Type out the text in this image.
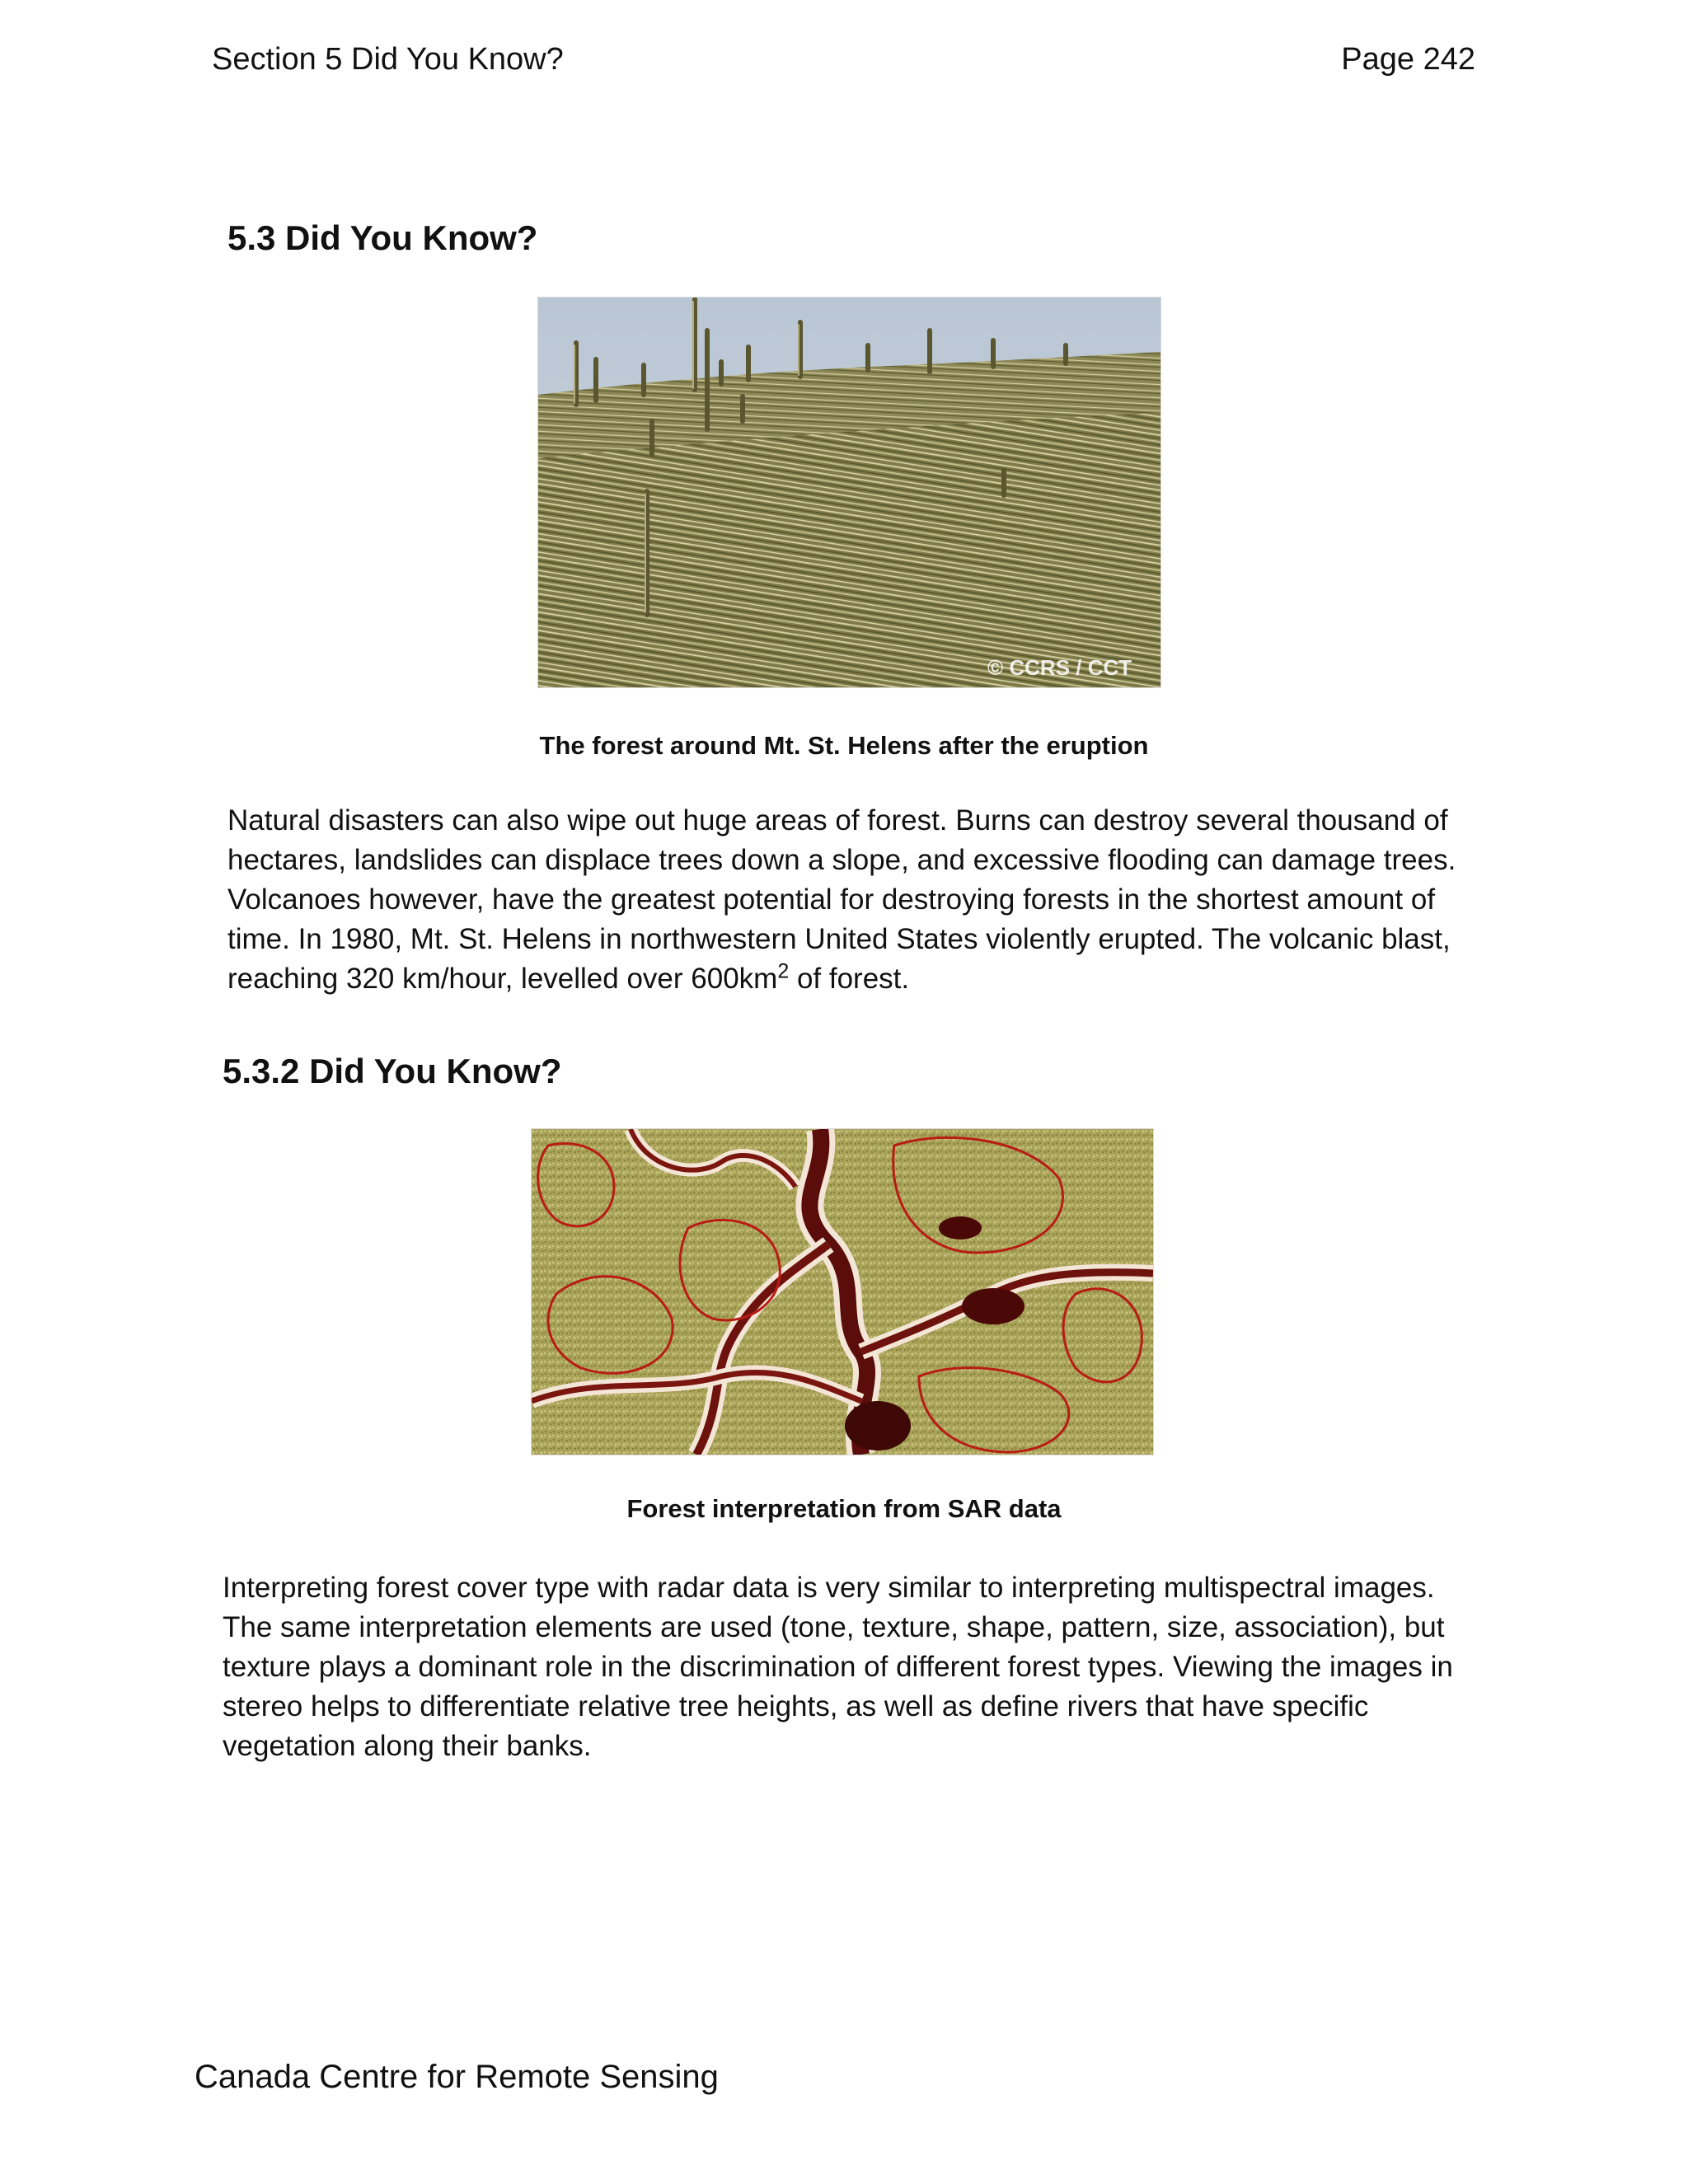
Section 5 Did You Know?	Page 242
5.3 Did You Know?
© CCRS / CCT
The forest around Mt. St. Helens after the eruption

Natural disasters can also wipe out huge areas of forest. Burns can destroy several thousand of hectares, landslides can displace trees down a slope, and excessive flooding can damage trees. Volcanoes however, have the greatest potential for destroying forests in the shortest amount of time. In 1980, Mt. St. Helens in northwestern United States violently erupted. The volcanic blast, reaching 320 km/hour, levelled over $600km^2$ of forest.

5.3.2 Did You Know?
Forest interpretation from SAR data

Interpreting forest cover type with radar data is very similar to interpreting multispectral images. The same interpretation elements are used (tone, texture, shape, pattern, size, association), but texture plays a dominant role in the discrimination of different forest types. Viewing the images in stereo helps to differentiate relative tree heights, as well as define rivers that have specific vegetation along their banks.

Canada Centre for Remote Sensing
